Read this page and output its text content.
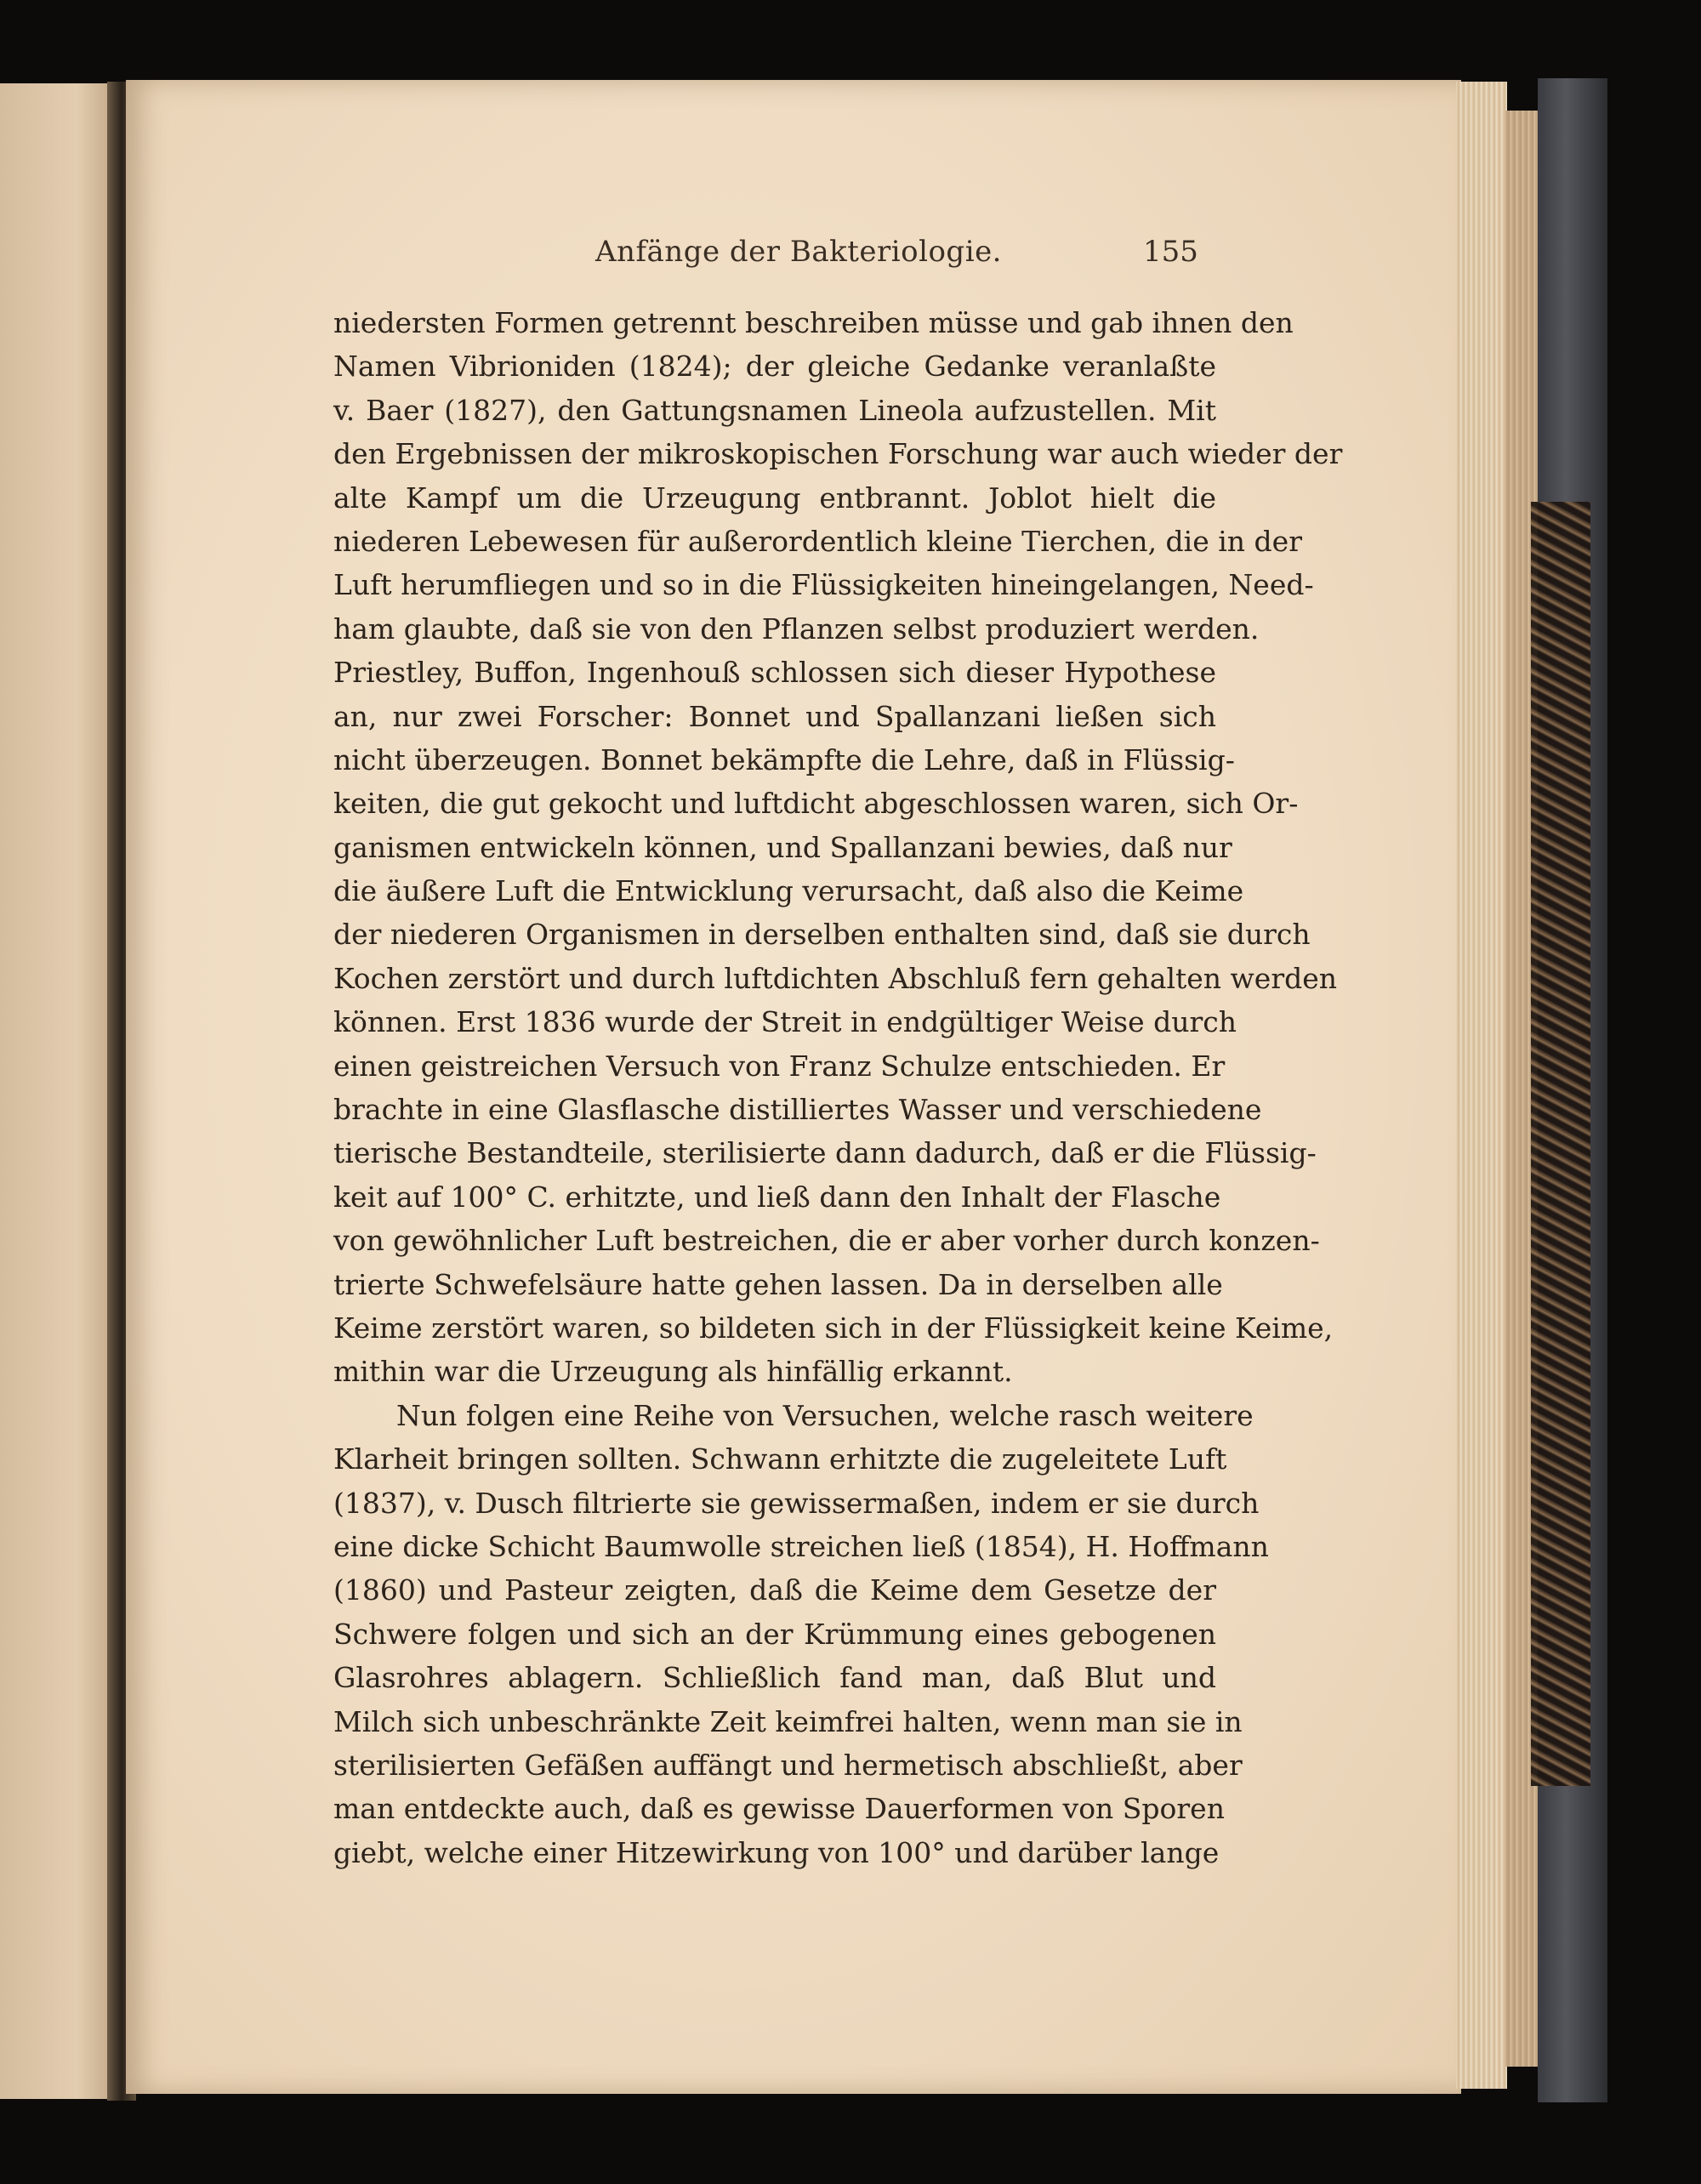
Anfänge der Bakteriologie.	155
niedersten Formen getrennt beschreiben müsse und gab ihnen den
Namen Vibrioniden (1824); der gleiche Gedanke veranlaßte
v. Baer (1827), den Gattungsnamen Lineola aufzustellen. Mit
den Ergebnissen der mikroskopischen Forschung war auch wieder der
alte Kampf um die Urzeugung entbrannt. Joblot hielt die
niederen Lebewesen für außerordentlich kleine Tierchen, die in der
Luft herumfliegen und so in die Flüssigkeiten hineingelangen, Need-
ham glaubte, daß sie von den Pflanzen selbst produziert werden.
Priestley, Buffon, Ingenhouß schlossen sich dieser Hypothese
an, nur zwei Forscher: Bonnet und Spallanzani ließen sich
nicht überzeugen. Bonnet bekämpfte die Lehre, daß in Flüssig-
keiten, die gut gekocht und luftdicht abgeschlossen waren, sich Or-
ganismen entwickeln können, und Spallanzani bewies, daß nur
die äußere Luft die Entwicklung verursacht, daß also die Keime
der niederen Organismen in derselben enthalten sind, daß sie durch
Kochen zerstört und durch luftdichten Abschluß fern gehalten werden
können. Erst 1836 wurde der Streit in endgültiger Weise durch
einen geistreichen Versuch von Franz Schulze entschieden. Er
brachte in eine Glasflasche distilliertes Wasser und verschiedene
tierische Bestandteile, sterilisierte dann dadurch, daß er die Flüssig-
keit auf 100° C. erhitzte, und ließ dann den Inhalt der Flasche
von gewöhnlicher Luft bestreichen, die er aber vorher durch konzen-
trierte Schwefelsäure hatte gehen lassen. Da in derselben alle
Keime zerstört waren, so bildeten sich in der Flüssigkeit keine Keime,
mithin war die Urzeugung als hinfällig erkannt.
Nun folgen eine Reihe von Versuchen, welche rasch weitere
Klarheit bringen sollten. Schwann erhitzte die zugeleitete Luft
(1837), v. Dusch filtrierte sie gewissermaßen, indem er sie durch
eine dicke Schicht Baumwolle streichen ließ (1854), H. Hoffmann
(1860) und Pasteur zeigten, daß die Keime dem Gesetze der
Schwere folgen und sich an der Krümmung eines gebogenen
Glasrohres ablagern. Schließlich fand man, daß Blut und
Milch sich unbeschränkte Zeit keimfrei halten, wenn man sie in
sterilisierten Gefäßen auffängt und hermetisch abschließt, aber
man entdeckte auch, daß es gewisse Dauerformen von Sporen
giebt, welche einer Hitzewirkung von 100° und darüber lange
